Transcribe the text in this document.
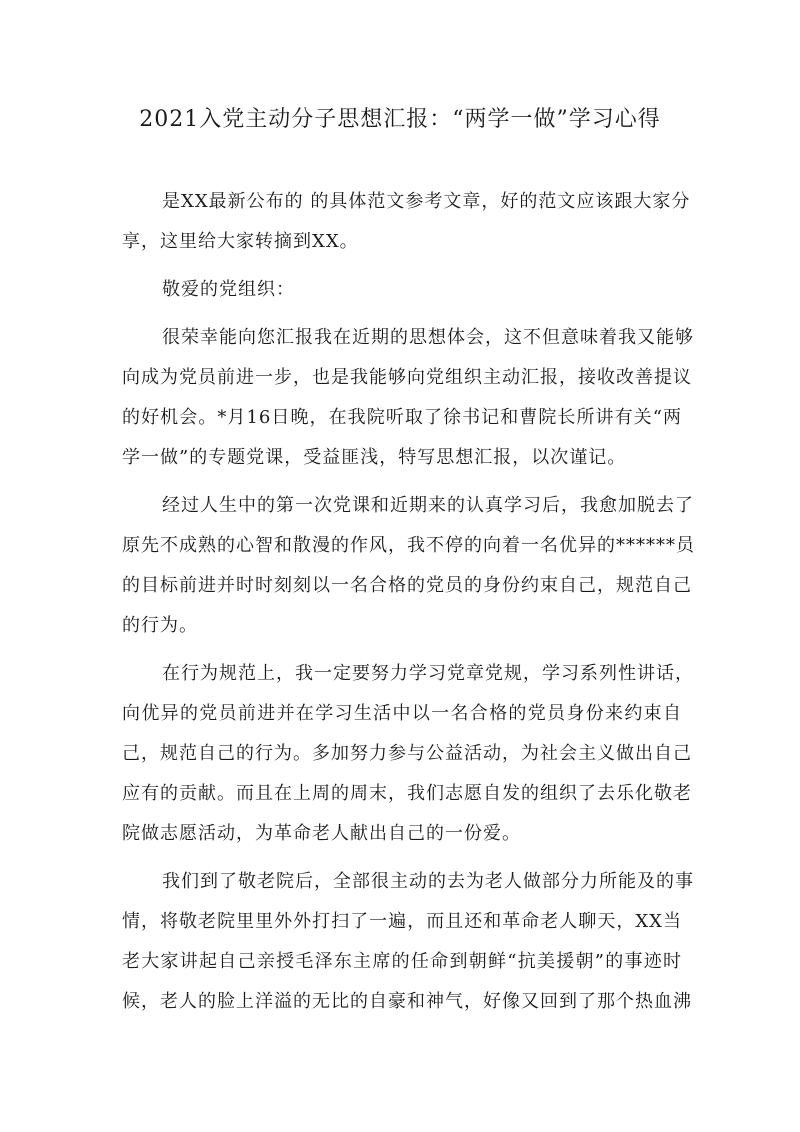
2021入党主动分子思想汇报：“两学一做”学习心得
是XX最新公布的 的具体范文参考文章，好的范文应该跟大家分
享，这里给大家转摘到XX。
敬爱的党组织：
很荣幸能向您汇报我在近期的思想体会，这不但意味着我又能够
向成为党员前进一步，也是我能够向党组织主动汇报，接收改善提议
的好机会。*月16日晚，在我院听取了徐书记和曹院长所讲有关“两
学一做”的专题党课，受益匪浅，特写思想汇报，以次谨记。
经过人生中的第一次党课和近期来的认真学习后，我愈加脱去了
原先不成熟的心智和散漫的作风，我不停的向着一名优异的******员
的目标前进并时时刻刻以一名合格的党员的身份约束自己，规范自己
的行为。
在行为规范上，我一定要努力学习党章党规，学习系列性讲话，
向优异的党员前进并在学习生活中以一名合格的党员身份来约束自
己，规范自己的行为。多加努力参与公益活动，为社会主义做出自己
应有的贡献。而且在上周的周末，我们志愿自发的组织了去乐化敬老
院做志愿活动，为革命老人献出自己的一份爱。
我们到了敬老院后，全部很主动的去为老人做部分力所能及的事
情，将敬老院里里外外打扫了一遍，而且还和革命老人聊天，XX当
老大家讲起自己亲授毛泽东主席的任命到朝鲜“抗美援朝”的事迹时
候，老人的脸上洋溢的无比的自豪和神气，好像又回到了那个热血沸
